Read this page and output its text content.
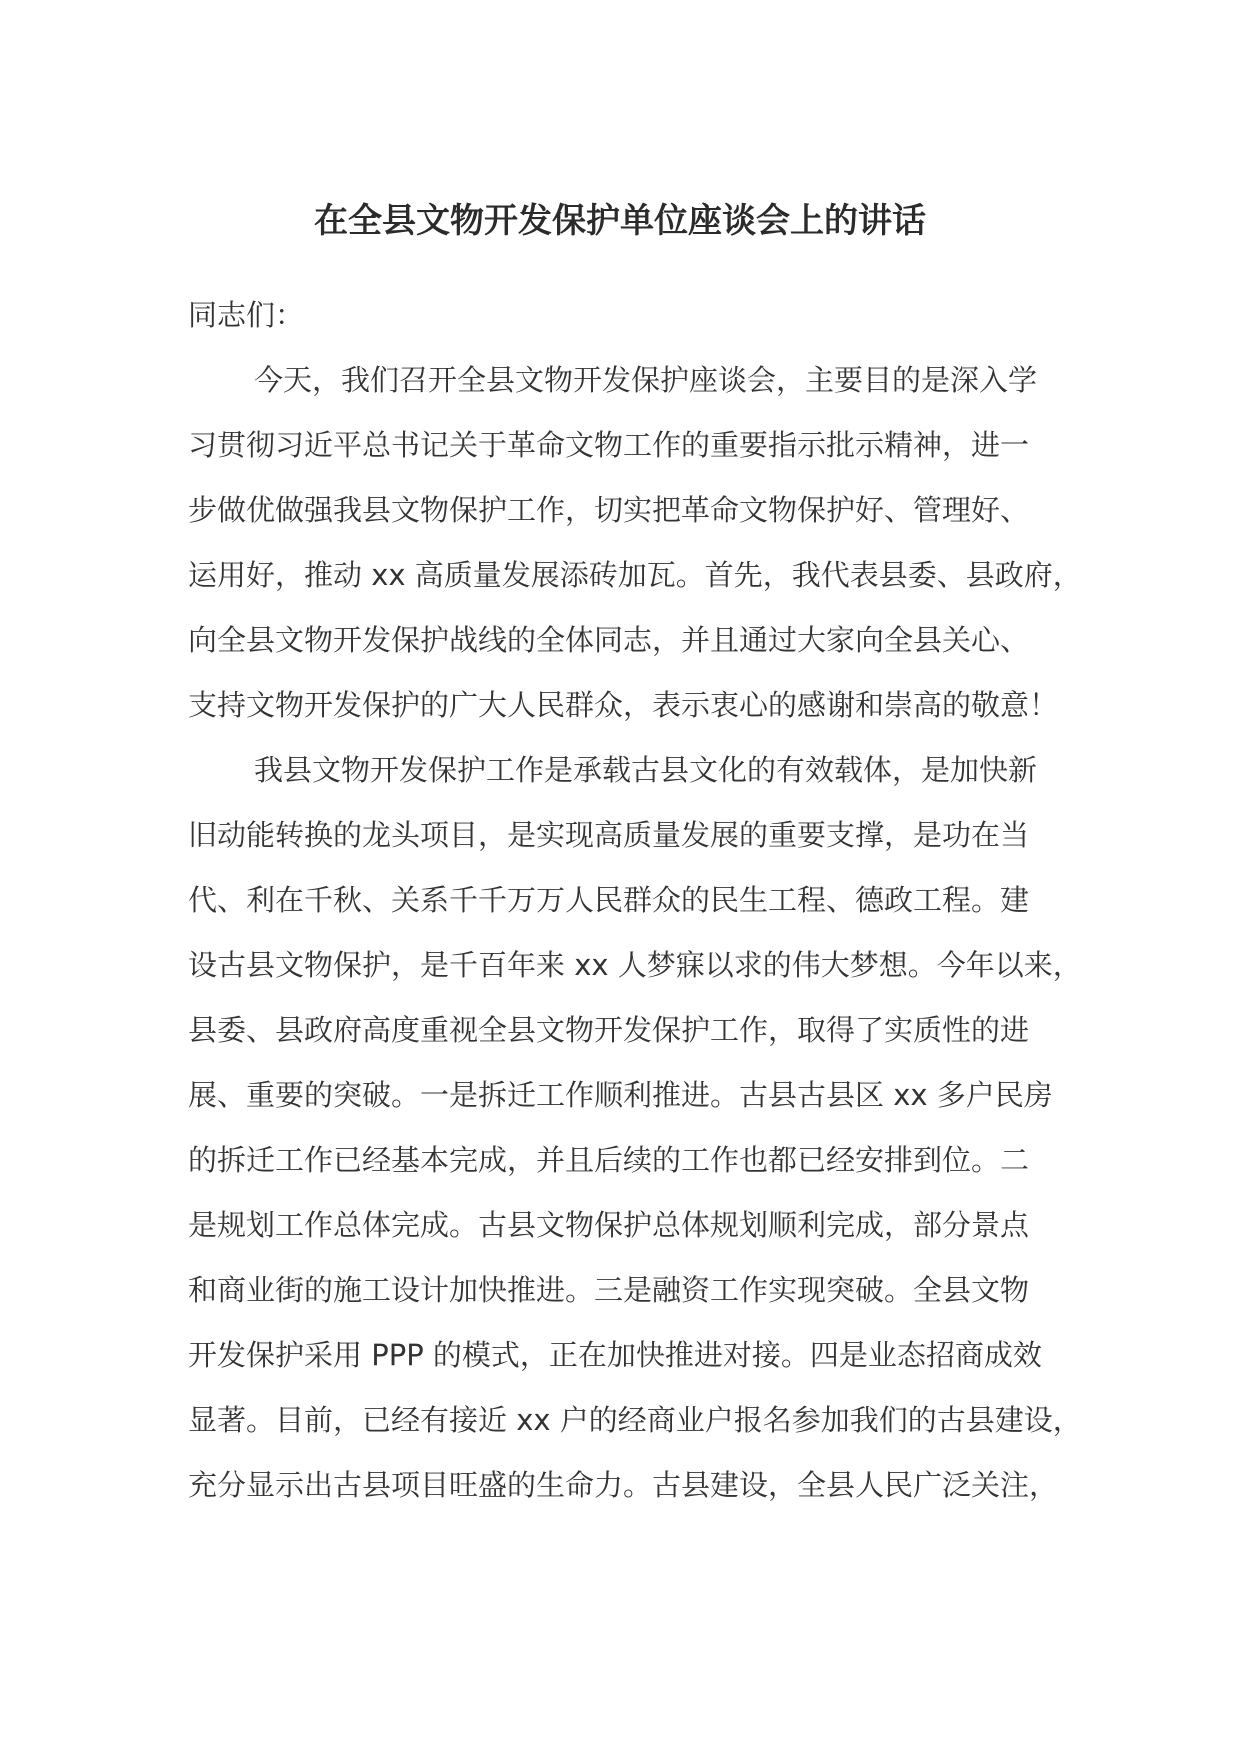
在全县文物开发保护单位座谈会上的讲话
同志们：
今天，我们召开全县文物开发保护座谈会，主要目的是深入学
习贯彻习近平总书记关于革命文物工作的重要指示批示精神，进一
步做优做强我县文物保护工作，切实把革命文物保护好、管理好、
运用好，推动 xx 高质量发展添砖加瓦。首先，我代表县委、县政府，
向全县文物开发保护战线的全体同志，并且通过大家向全县关心、
支持文物开发保护的广大人民群众，表示衷心的感谢和崇高的敬意！
我县文物开发保护工作是承载古县文化的有效载体，是加快新
旧动能转换的龙头项目，是实现高质量发展的重要支撑，是功在当
代、利在千秋、关系千千万万人民群众的民生工程、德政工程。建
设古县文物保护，是千百年来 xx 人梦寐以求的伟大梦想。今年以来，
县委、县政府高度重视全县文物开发保护工作，取得了实质性的进
展、重要的突破。一是拆迁工作顺利推进。古县古县区 xx 多户民房
的拆迁工作已经基本完成，并且后续的工作也都已经安排到位。二
是规划工作总体完成。古县文物保护总体规划顺利完成，部分景点
和商业街的施工设计加快推进。三是融资工作实现突破。全县文物
开发保护采用 PPP 的模式，正在加快推进对接。四是业态招商成效
显著。目前，已经有接近 xx 户的经商业户报名参加我们的古县建设，
充分显示出古县项目旺盛的生命力。古县建设，全县人民广泛关注，
